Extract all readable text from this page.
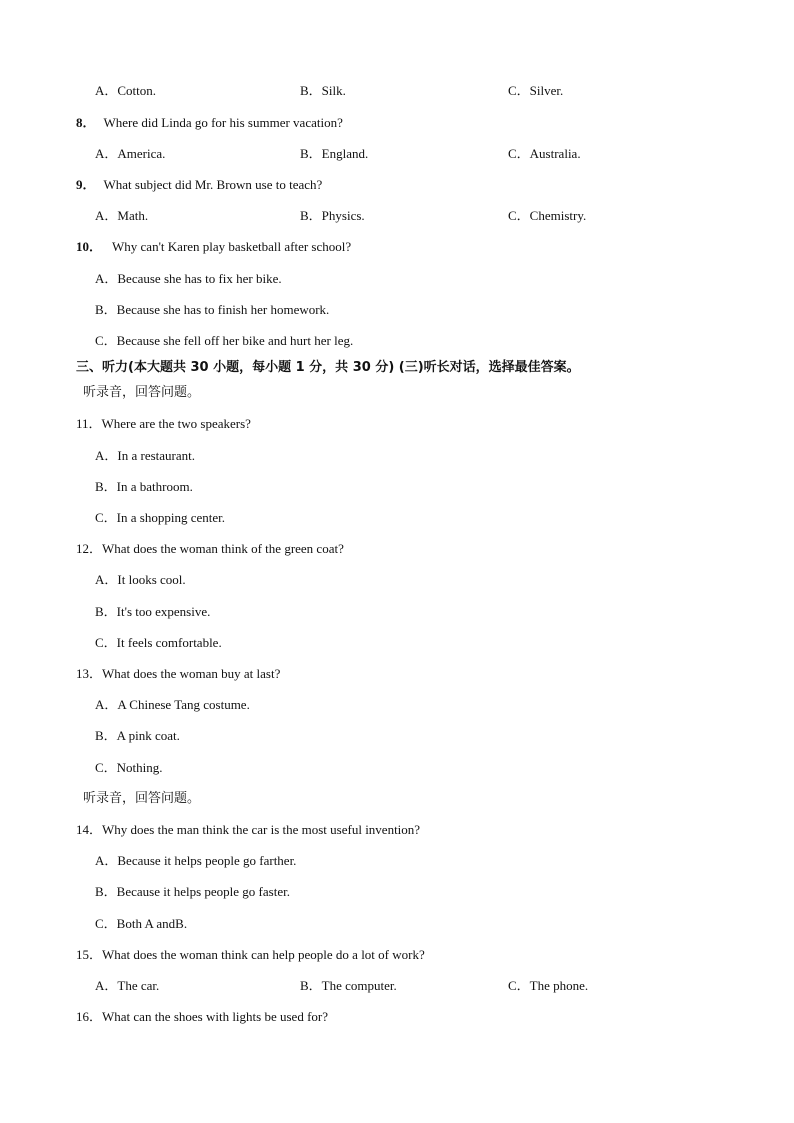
A．Cotton.	B．Silk.	C．Silver.
8． Where did Linda go for his summer vacation?
A．America.	B．England.	C．Australia.
9． What subject did Mr. Brown use to teach?
A．Math.	B．Physics.	C．Chemistry.
10． Why can't Karen play basketball after school?
A．Because she has to fix her bike.
B．Because she has to finish her homework.
C．Because she fell off her bike and hurt her leg.
三、听力(本大题共 30 小题，每小题 1 分，共 30 分) (三)听长对话，选择最佳答案。
听录音，回答问题。
11．Where are the two speakers?
A．In a restaurant.
B．In a bathroom.
C．In a shopping center.
12．What does the woman think of the green coat?
A．It looks cool.
B．It's too expensive.
C．It feels comfortable.
13．What does the woman buy at last?
A．A Chinese Tang costume.
B．A pink coat.
C．Nothing.
听录音，回答问题。
14．Why does the man think the car is the most useful invention?
A．Because it helps people go farther.
B．Because it helps people go faster.
C．Both A andB.
15．What does the woman think can help people do a lot of work?
A．The car.	B．The computer.	C．The phone.
16．What can the shoes with lights be used for?
